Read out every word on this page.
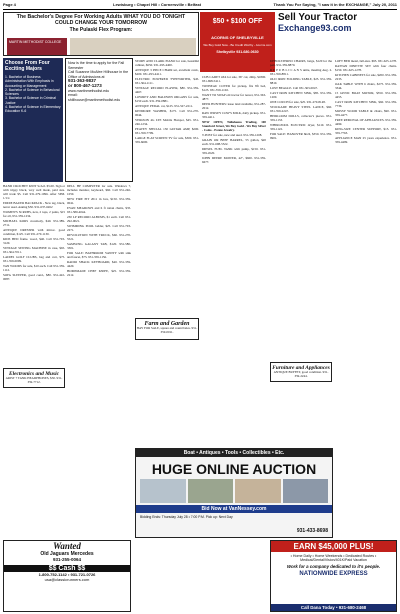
Page 4	Lewisburg • Chapel Hill • Cornersville • Belfast	Thank You For Saying, "I saw it in the EXCHANGE," July 20, 2011
The Bachelor's Degree For Working Adults WHAT YOU DO TONIGHT COULD CHANGE YOUR TOMORROW
The Pulaski Flex Program:
MARTIN METHODIST COLLEGE
Choose From Four Exciting Majors

1. Bachelor of Business Administration With Emphasis in Accounting or Management

2. Bachelor of Science in Behavioral Sciences

3. Bachelor of Science in Criminal Justice

4. Bachelor of Science in Elementary Education K-6

Now is the time to apply for the Fall Semester

Call Suzanne McAfee Hillhouse in the Office of Admissions at

931-363-9837

or 800-467-1273

www.martinmethodist.edu

email: shillhouse@martinmethodist.edu

$50 • $100 OFF
ACORNS OF SHELBYVILLE
We Buy Gold Now - Be Credit Worthy - Acorns.com
Shelbyville 931-680-0630
Sell Your Tractor
Exchange93.com

HAND CROCHET KNIT ScArf. $5.00. Sign or with trippy black, very well made, paid size. will trade $5. Call 931-279-1096. After 5PM. 1/1/x

EDDIE BAUER BACKPACK - New tag, black, never used. Asking $50. 931-637-6262

WOMEN'S SCRUBS, new, 2 tops, 2 pants, $15 for all, 931-359-1234.

MICHAEL KORS crossbody, $40. 931-389-2711.

ANTIQUE DRESSER with mirror. good condition, $125. Call 931-270-1130.

KIDS BED frame. wood, $40. Call 931-703-3120.

VINTAGE SEWING MACHINE in case, $65. 931-364-7011.

LADIES GOLF CLUBS, bag and cart, $75. 931-359-0099.

TAN WOODS for sale, $10 each. Call 931-359-1112.

SOFA SLEEPER, good cond., $80. 931-422-0087.

DELL HP COMPUTER for sale. Windows 7, includes monitor, keyboard, $60. Call 931-246-1050.

NEW FIRE PIT 2011 in box, $150. 931-359-0041.

EVAN MEADOWS and 6 ft rattan chairs, $35. 931-580-4044.

230 LP RECORD ALBUMS, $1 each. Call 931-292-0021.

SWIMMING POOL ladder, $25. Call 931-703-2271.

REVOLUTION WITH TRUCK, $60. 931-270-5521.

SAMSUNG GALAXY TAB, $120. 931-580-3301.

FOR SALE: BATHROOM VANITY with sink and faucet, $75. 931-359-1156.

RADIO SHACK KEYBOARD, $40. 931-359-4420.

HOMEMADE CHEF KNIFE, $25. 931-359-2212.

STORY AND CLARK PIANO for sale, beautiful cabinet, $650. 931-293-4400.

ANTIQUE 3 PIECE CHAIR set, excellent cond., $200. 931-293-4411.

ELECTRIC POWERED TYPEWRITER, $45. 931-364-1111.

VINTAGE RECORD PLAYER, $80. 931-359-4467.

LOWREY AND BALDWIN ORGANS for sale, $150 each. 931-359-0881.

ANTIQUE PEDAL car, $125. 931-527-2211.

KENMORE WASHER, $175. Call 931-270-0044.

VERIZON 4G LTE Mobile Hotspot, $45. 931-246-1234.

PEAVEY SPECIAL 130 GUITAR AMP, $200. 931-359-7799.

LARGE FLAT SCREEN TV for sale, $300. 931-359-6600.

CUB CADET 4X4 for sale, 36" cut, 24hp, $1800. 931-698-5411.

TONNEAU COVER for pickup, fits 8ft bed, $125. 931-359-1102.

WANT TO SWAP old tractor for newer, 931-363-4877.

DEER HUNTERS: lease land available, 931-287-2012.

RAW JERSEY COW'S MILK, daily pickup. 931-359-4411.

NEW OPEN, Tullahoma Trading, 100 Stamford Street, We Buy Gold - We Buy Silver - Coins - Estate Jewelry.

T-POST for sale, new and used. 931-359-1208.

GRAIN OR BEEF BARREL, 55 gallon, $20 each. 931-698-5522.

DIESEL FUEL TANK with pump, $150. 931-359-4520.

JOHN DEERE MOWER, 42", $600. 931-359-6677.

UPHOLSTERED CHAIRS, beige, $120 for the pair. 931-359-8870.

R E P U B L I C A N S unite, meeting Aug. 2. 931-359-8811.

OLD IRON FOLDING TABLE, $25. 931-359-8810.

LOST BEAGLE. Call 931-363-0047.

CAST IRON KITCHEN SINK, $85. 931-359-1200.

ONE COUCH for sale, $25. 931-270-8148.

STOCKADE HEAVY STEEL LANCE, $60. 931-359-2247.

HEIRLOOM DOLLS, collector's pieces. 931-359-1133.

WHIRLPOOL ELECTRIC dryer, $110. 931-359-1122.

FOR SALE: HANOVER hitch, $350. 931-359-9901.

LOFT BED metal, full-size. $95. 931-625-1278.

RATTAN DINETTE SET with four chairs. $150. 931-625-1278.

KITCHEN CABINETS for sale, $200. 931-359-2233.

OAK TABLE WITH 6 chairs, $275. 931-359-3344.

15 GENIC BOAT MOTOR, $350. 931-359-4455.

CAST IRON KITCHEN SINK, $60. 931-359-7736.

MOSSY WOOD TABLE & chairs, $90. 931-359-4477.

FREE REMOVAL OF APPLIANCES. 931-359-4499.

KING-SIZE CENTER SUPPORT, $15. 931-359-7763.

APPLIANCE MAN 25 years experience. 931-359-4499.

Farm and Garden
HAY FOR SALE, square and round bales. 931-359-0011.
Furniture and Appliances
ANTIQUE BUFFET, good condition. 931-359-2244.
Electronics and Music
ARIST 7 TANK HEADPHONES, $30. 931-359-7712.
Boat • Antiques • Tools • Collectibles • Etc.
HUGE ONLINE AUCTION
Bid Now at VanNessey.com
Bidding Ends: Thursday July 28 • 7:00 P.M. Pick up: Next Day
931-433-8698
Wanted
Old Jaguars Mercedes
931-255-0064
$$ Cash $$
1-800-752-1142 • 931-721-0726
usa@classicrunners.com
EARN $45,000 PLUS!
• Home Daily • Home Weekends • Dedicated Routes • Medical/Dental/Vision/401K/Paid Vacation
Work for a company dedicated to it's people.
NATIONWIDE EXPRESS
Call Dana Today • 931-680-2468
